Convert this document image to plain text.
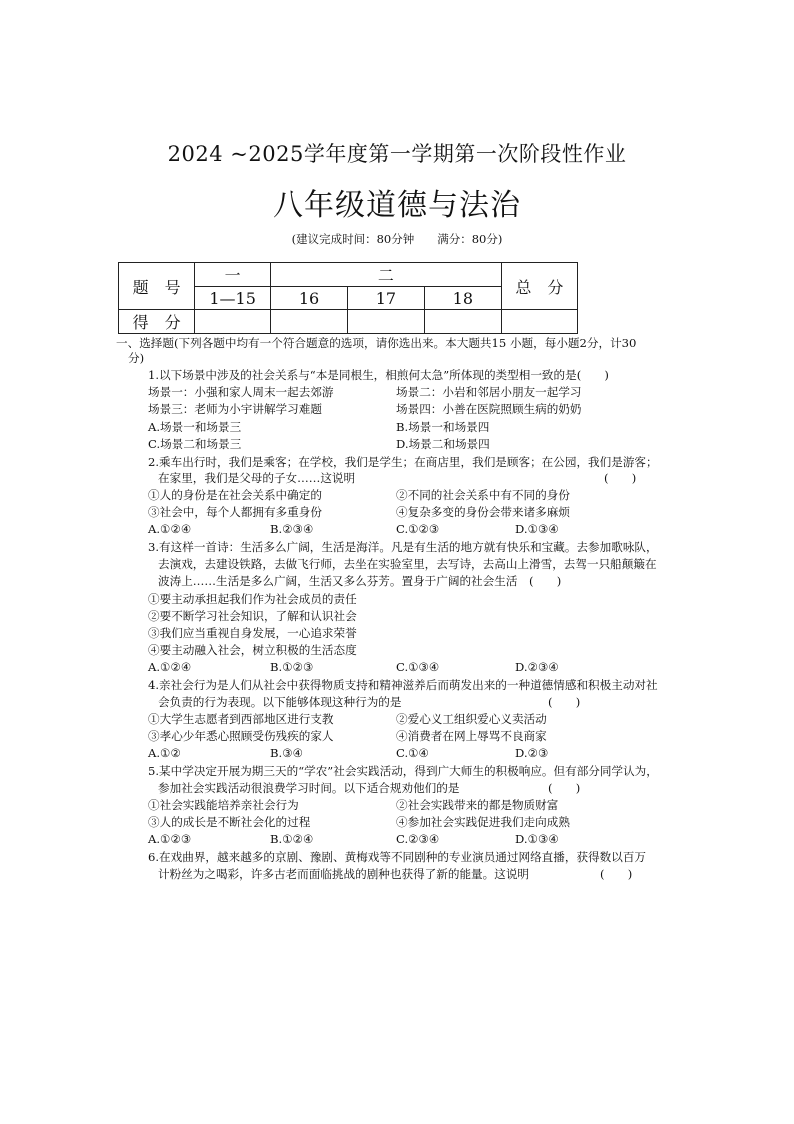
2024 ~2025学年度第一学期第一次阶段性作业
八年级道德与法治
(建议完成时间：80分钟　　满分：80分)
题　号	一	二			总　分
	1—15	16	17	18	
得　分					
一、选择题(下列各题中均有一个符合题意的选项，请你选出来。本大题共15 小题，每小题2分，计30
分)
1.以下场景中涉及的社会关系与“本是同根生，相煎何太急”所体现的类型相一致的是(　　)
场景一：小强和家人周末一起去郊游	场景二：小岩和邻居小朋友一起学习
场景三：老师为小宇讲解学习难题	场景四：小善在医院照顾生病的奶奶
A.场景一和场景三	B.场景一和场景四
C.场景二和场景三	D.场景二和场景四
2.乘车出行时，我们是乘客；在学校，我们是学生；在商店里，我们是顾客；在公园，我们是游客；
在家里，我们是父母的子女……这说明	(　　)
①人的身份是在社会关系中确定的	②不同的社会关系中有不同的身份
③社会中，每个人都拥有多重身份	④复杂多变的身份会带来诸多麻烦
A.①②④	B.②③④	C.①②③	D.①③④
3.有这样一首诗：生活多么广阔，生活是海洋。凡是有生活的地方就有快乐和宝藏。去参加歌咏队，
去演戏，去建设铁路，去做飞行师，去坐在实验室里，去写诗，去高山上滑雪，去驾一只船颠簸在
波涛上……生活是多么广阔，生活又多么芬芳。置身于广阔的社会生活　(　　)
①要主动承担起我们作为社会成员的责任
②要不断学习社会知识，了解和认识社会
③我们应当重视自身发展，一心追求荣誉
④要主动融入社会，树立积极的生活态度
A.①②④	B.①②③	C.①③④	D.②③④
4.亲社会行为是人们从社会中获得物质支持和精神滋养后而萌发出来的一种道德情感和积极主动对社
会负责的行为表现。以下能够体现这种行为的是	(　　)
①大学生志愿者到西部地区进行支教	②爱心义工组织爱心义卖活动
③孝心少年悉心照顾受伤残疾的家人	④消费者在网上辱骂不良商家
A.①②	B.③④	C.①④	D.②③
5.某中学决定开展为期三天的“学农”社会实践活动，得到广大师生的积极响应。但有部分同学认为，
参加社会实践活动很浪费学习时间。以下适合规劝他们的是	(　　)
①社会实践能培养亲社会行为	②社会实践带来的都是物质财富
③人的成长是不断社会化的过程	④参加社会实践促进我们走向成熟
A.①②③	B.①②④	C.②③④	D.①③④
6.在戏曲界，越来越多的京剧、豫剧、黄梅戏等不同剧种的专业演员通过网络直播，获得数以百万
计粉丝为之喝彩，许多古老而面临挑战的剧种也获得了新的能量。这说明	(　　)
